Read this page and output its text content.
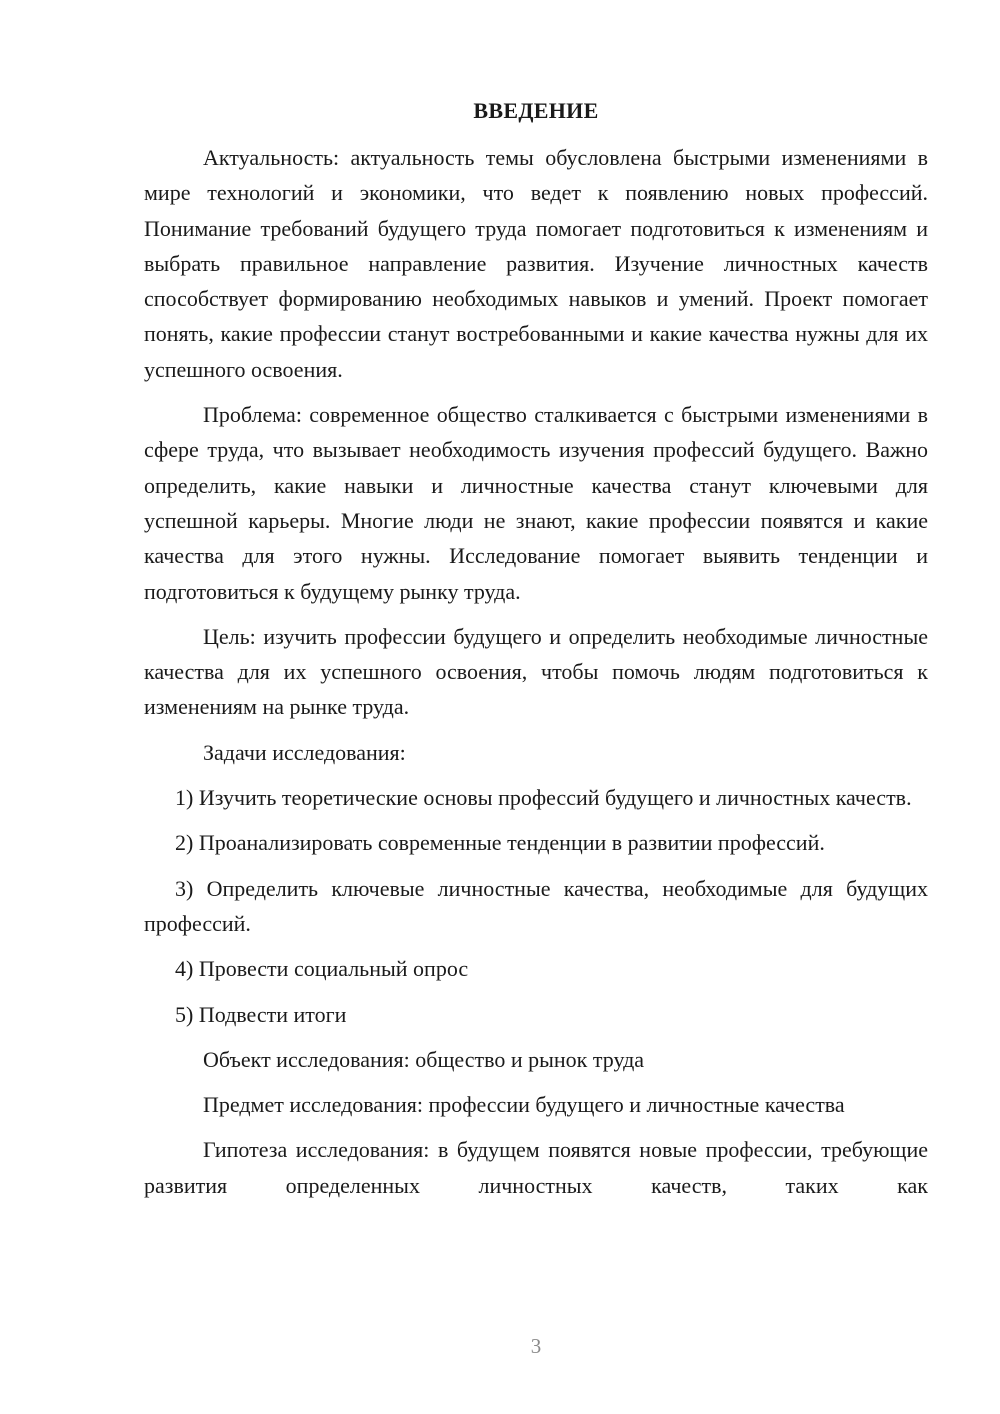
ВВЕДЕНИЕ

Актуальность: актуальность темы обусловлена быстрыми изменениями в мире технологий и экономики, что ведет к появлению новых профессий. Понимание требований будущего труда помогает подготовиться к изменениям и выбрать правильное направление развития. Изучение личностных качеств способствует формированию необходимых навыков и умений. Проект помогает понять, какие профессии станут востребованными и какие качества нужны для их успешного освоения.

Проблема: современное общество сталкивается с быстрыми изменениями в сфере труда, что вызывает необходимость изучения профессий будущего. Важно определить, какие навыки и личностные качества станут ключевыми для успешной карьеры. Многие люди не знают, какие профессии появятся и какие качества для этого нужны. Исследование помогает выявить тенденции и подготовиться к будущему рынку труда.

Цель: изучить профессии будущего и определить необходимые личностные качества для их успешного освоения, чтобы помочь людям подготовиться к изменениям на рынке труда.

Задачи исследования:

1) Изучить теоретические основы профессий будущего и личностных качеств.

2) Проанализировать современные тенденции в развитии профессий.

3) Определить ключевые личностные качества, необходимые для будущих профессий.

4) Провести социальный опрос

5) Подвести итоги

Объект исследования: общество и рынок труда

Предмет исследования: профессии будущего и личностные качества

Гипотеза исследования: в будущем появятся новые профессии, требующие развития определенных личностных качеств, таких как

3
